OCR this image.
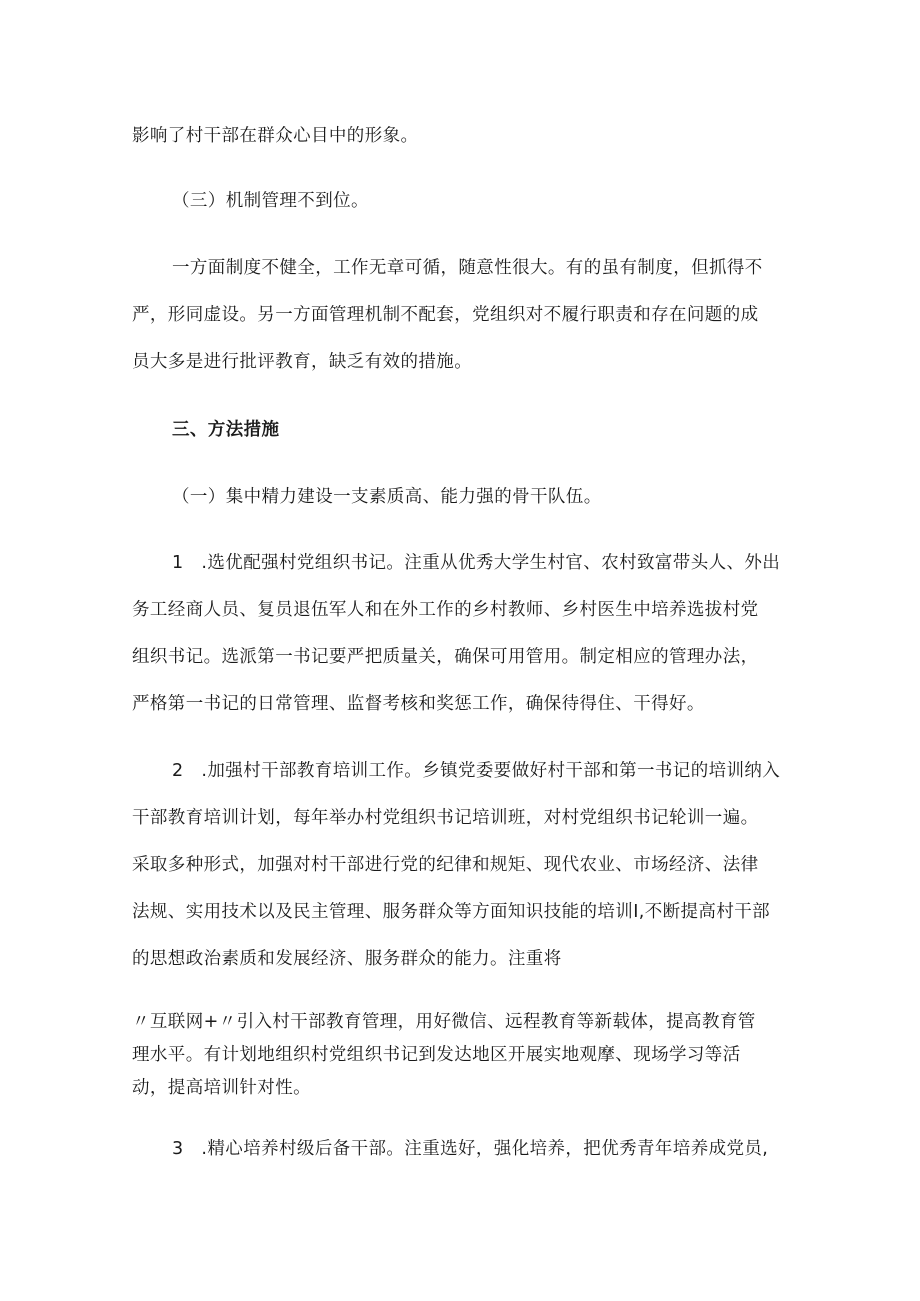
影响了村干部在群众心目中的形象。
（三）机制管理不到位。
一方面制度不健全，工作无章可循，随意性很大。有的虽有制度，但抓得不
严，形同虚设。另一方面管理机制不配套，党组织对不履行职责和存在问题的成
员大多是进行批评教育，缺乏有效的措施。
三、方法措施
（一）集中精力建设一支素质高、能力强的骨干队伍。
1　.选优配强村党组织书记。注重从优秀大学生村官、农村致富带头人、外出
务工经商人员、复员退伍军人和在外工作的乡村教师、乡村医生中培养选拔村党
组织书记。选派第一书记要严把质量关，确保可用管用。制定相应的管理办法，
严格第一书记的日常管理、监督考核和奖惩工作，确保待得住、干得好。
2　.加强村干部教育培训工作。乡镇党委要做好村干部和第一书记的培训纳入
干部教育培训计划，每年举办村党组织书记培训班，对村党组织书记轮训一遍。
采取多种形式，加强对村干部进行党的纪律和规矩、现代农业、市场经济、法律
法规、实用技术以及民主管理、服务群众等方面知识技能的培训I,不断提高村干部
的思想政治素质和发展经济、服务群众的能力。注重将
〃互联网+〃引入村干部教育管理，用好微信、远程教育等新载体，提高教育管
理水平。有计划地组织村党组织书记到发达地区开展实地观摩、现场学习等活
动，提高培训针对性。
3　.精心培养村级后备干部。注重选好，强化培养，把优秀青年培养成党员,
